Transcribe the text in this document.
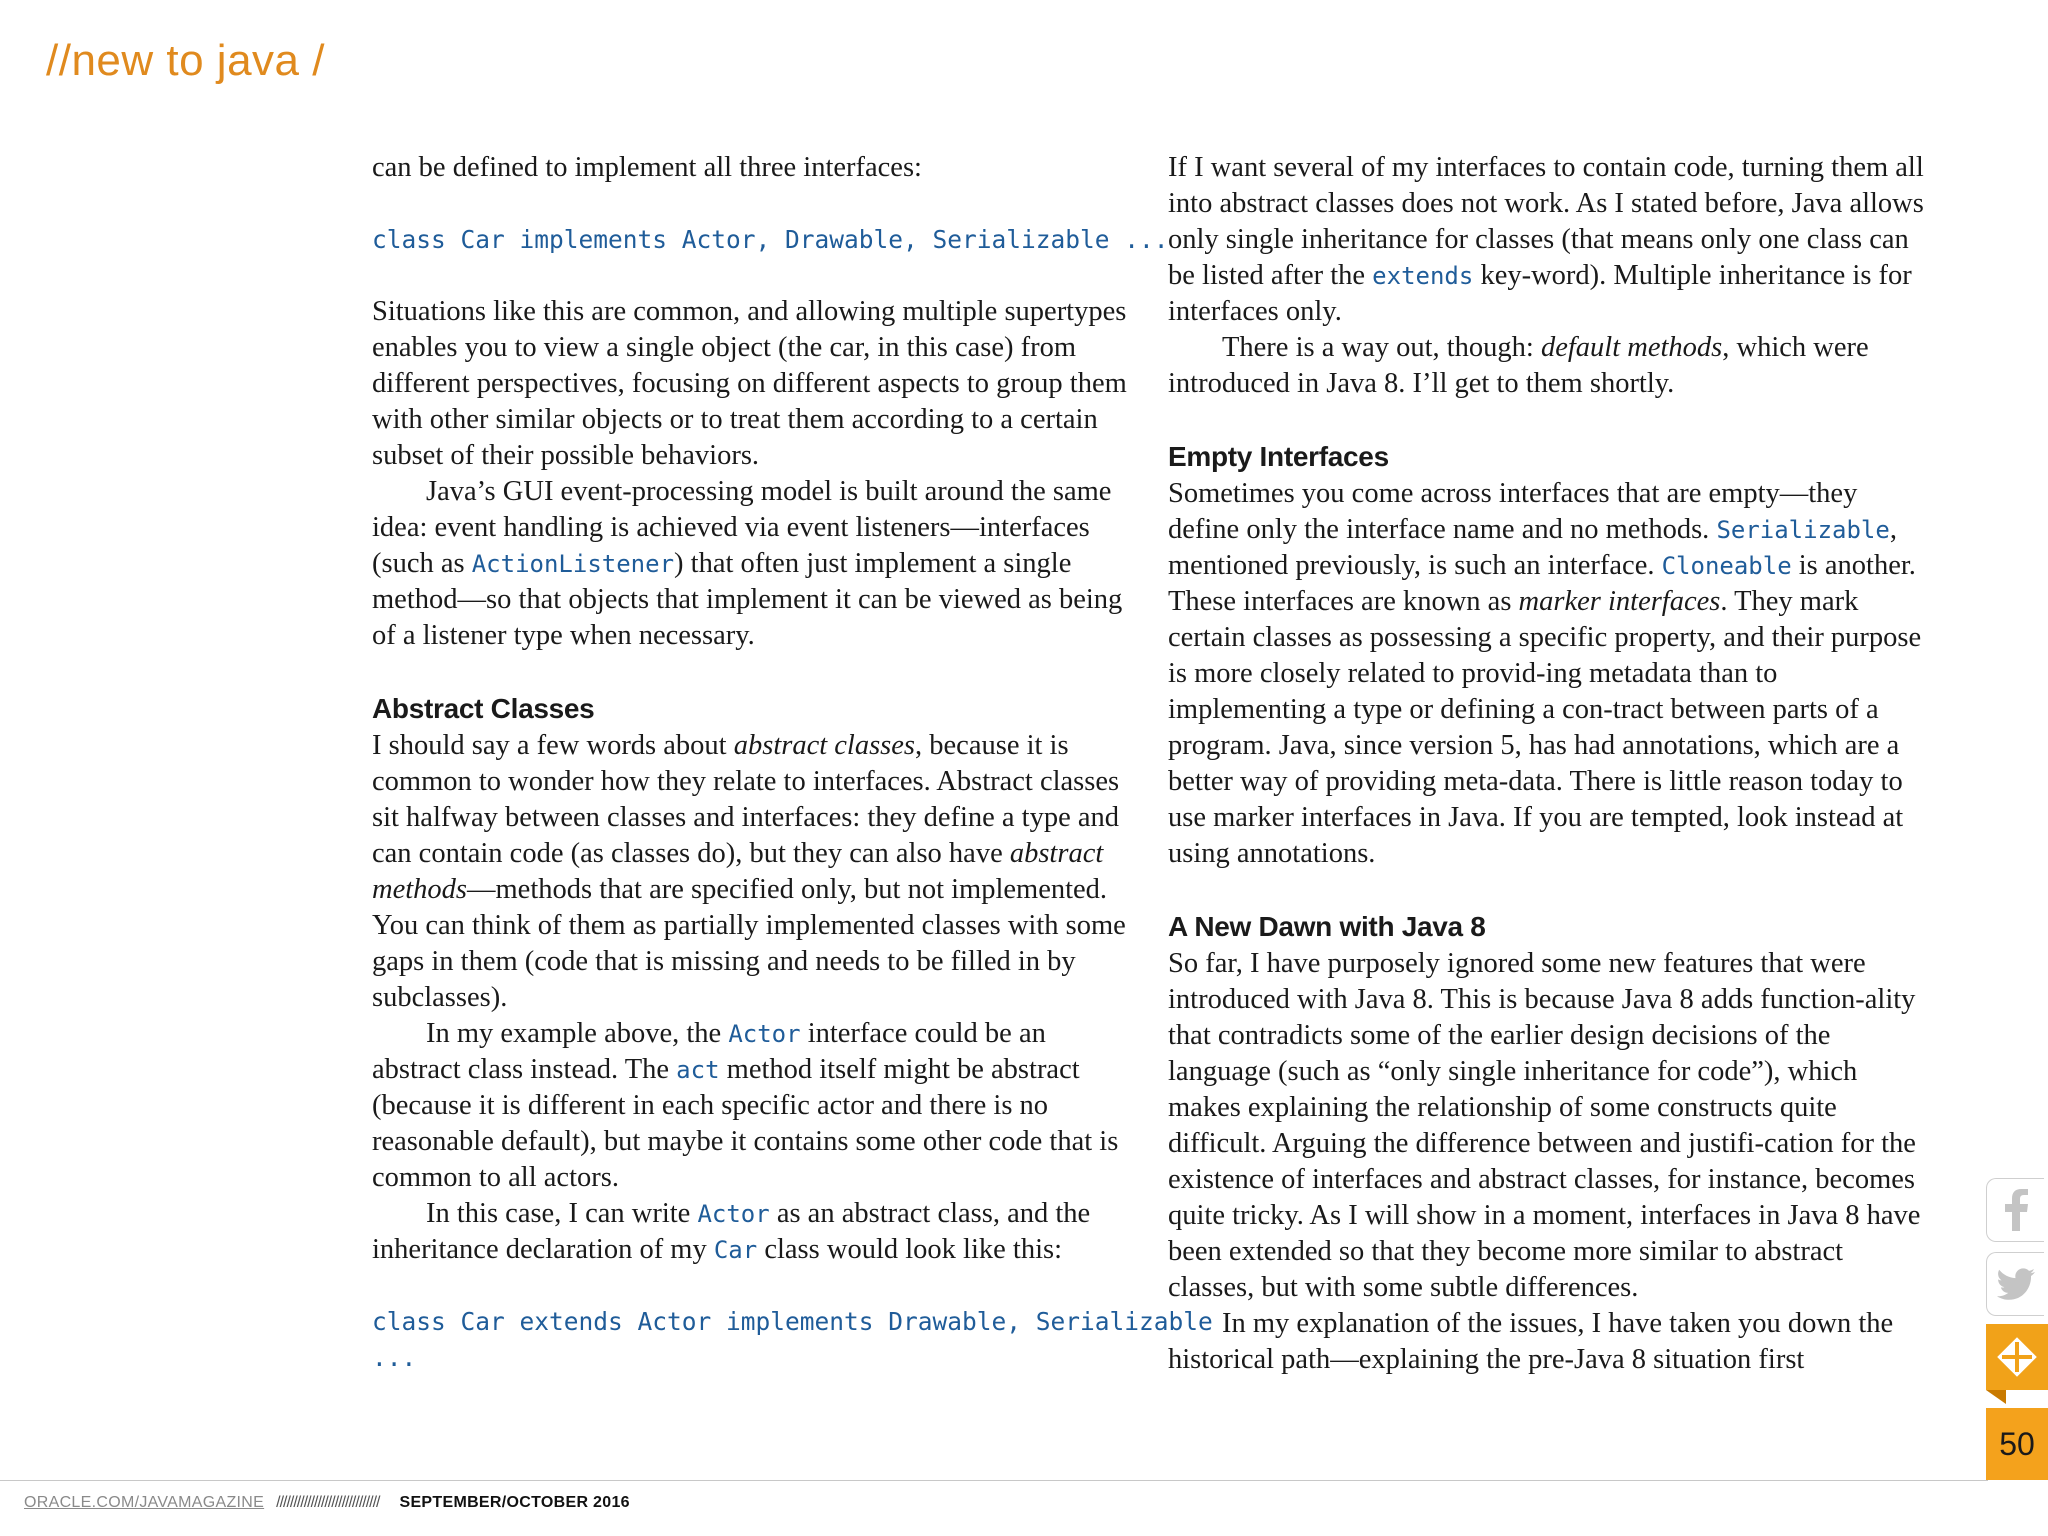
//new to java /

can be defined to implement all three interfaces:

class Car implements Actor, Drawable, Serializable ...

Situations like this are common, and allowing multiple supertypes enables you to view a single object (the car, in this case) from different perspectives, focusing on different aspects to group them with other similar objects or to treat them according to a certain subset of their possible behaviors.

Java’s GUI event-processing model is built around the same idea: event handling is achieved via event listeners—interfaces (such as ActionListener) that often just implement a single method—so that objects that implement it can be viewed as being of a listener type when necessary.

Abstract Classes

I should say a few words about abstract classes, because it is common to wonder how they relate to interfaces. Abstract classes sit halfway between classes and interfaces: they define a type and can contain code (as classes do), but they can also have abstract methods—methods that are specified only, but not implemented. You can think of them as partially implemented classes with some gaps in them (code that is missing and needs to be filled in by subclasses).

In my example above, the Actor interface could be an abstract class instead. The act method itself might be abstract (because it is different in each specific actor and there is no reasonable default), but maybe it contains some other code that is common to all actors.

In this case, I can write Actor as an abstract class, and the inheritance declaration of my Car class would look like this:

class Car extends Actor implements Drawable, Serializable

...

If I want several of my interfaces to contain code, turning them all into abstract classes does not work. As I stated before, Java allows only single inheritance for classes (that means only one class can be listed after the extends key-word). Multiple inheritance is for interfaces only.

There is a way out, though: default methods, which were introduced in Java 8. I’ll get to them shortly.

Empty Interfaces

Sometimes you come across interfaces that are empty—they define only the interface name and no methods. Serializable, mentioned previously, is such an interface. Cloneable is another. These interfaces are known as marker interfaces. They mark certain classes as possessing a specific property, and their purpose is more closely related to provid-ing metadata than to implementing a type or defining a con-tract between parts of a program. Java, since version 5, has had annotations, which are a better way of providing meta-data. There is little reason today to use marker interfaces in Java. If you are tempted, look instead at using annotations.

A New Dawn with Java 8

So far, I have purposely ignored some new features that were introduced with Java 8. This is because Java 8 adds function-ality that contradicts some of the earlier design decisions of the language (such as “only single inheritance for code”), which makes explaining the relationship of some constructs quite difficult. Arguing the difference between and justifi-cation for the existence of interfaces and abstract classes, for instance, becomes quite tricky. As I will show in a moment, interfaces in Java 8 have been extended so that they become more similar to abstract classes, but with some subtle differences.

In my explanation of the issues, I have taken you down the historical path—explaining the pre-Java 8 situation first

ORACLE.COM/JAVAMAGAZINE ////////////////////////////// SEPTEMBER/OCTOBER 2016
50
